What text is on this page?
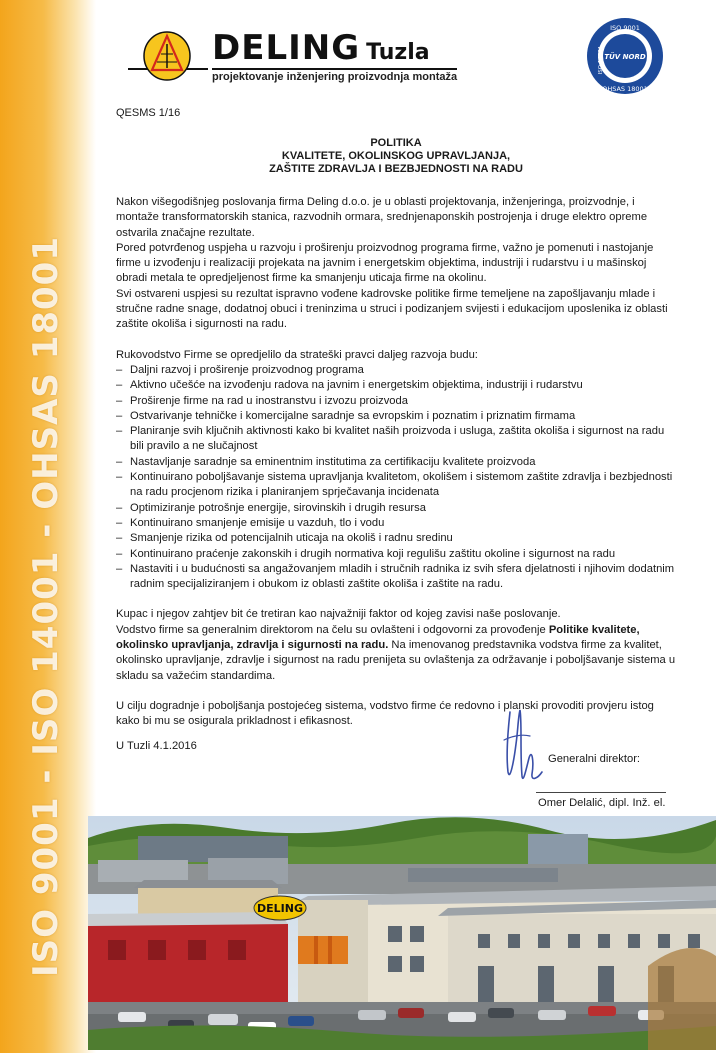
ISO 9001 - ISO 14001 - OHSAS 18001
DELING Tuzla
projektovanje inženjering proizvodnja montaža
ISO 9001
TÜV NORD
OHSAS 18001
ISO 14001
QESMS 1/16
POLITIKA
KVALITETE, OKOLINSKOG UPRAVLJANJA,
ZAŠTITE ZDRAVLJA I BEZBJEDNOSTI NA RADU

Nakon višegodišnjeg poslovanja firma Deling d.o.o. je u oblasti projektovanja, inženjeringa, proizvodnje, i montaže transformatorskih stanica, razvodnih ormara, srednjenaponskih postrojenja i druge elektro opreme ostvarila značajne rezultate.

Pored potvrđenog uspjeha u razvoju i proširenju proizvodnog programa firme, važno je pomenuti i nastojanje firme u izvođenju i realizaciji projekata na javnim i energetskim objektima, industriji i rudarstvu i u mašinskoj obradi metala te opredjeljenost firme ka smanjenju uticaja firme na okolinu.

Svi ostvareni uspjesi su rezultat ispravno vođene kadrovske politike firme temeljene na zapošljavanju mlade i stručne radne snage, dodatnoj obuci i treninzima u struci i podizanjem svijesti i edukacijom uposlenika iz oblasti zaštite okoliša i sigurnosti na radu.

Rukovodstvo Firme se opredjelilo da strateški pravci daljeg razvoja budu:

– Daljni razvoj i proširenje proizvodnog programa
– Aktivno učešće na izvođenju radova na javnim i energetskim objektima, industriji i rudarstvu
– Proširenje firme na rad u inostranstvu i izvozu proizvoda
– Ostvarivanje tehničke i komercijalne saradnje sa evropskim i poznatim i priznatim firmama
– Planiranje svih ključnih aktivnosti kako bi kvalitet naših proizvoda i usluga, zaštita okoliša i sigurnost na radu bili pravilo a ne slučajnost
– Nastavljanje saradnje sa eminentnim institutima za certifikaciju kvalitete proizvoda
– Kontinuirano poboljšavanje sistema upravljanja kvalitetom, okolišem i sistemom zaštite zdravlja i bezbjednosti na radu procjenom rizika i planiranjem sprječavanja incidenata
– Optimiziranje potrošnje energije, sirovinskih i drugih resursa
– Kontinuirano smanjenje emisije u vazduh, tlo i vodu
– Smanjenje rizika od potencijalnih uticaja na okoliš i radnu sredinu
– Kontinuirano praćenje zakonskih i drugih normativa koji regulišu zaštitu okoline i sigurnost na radu
– Nastaviti i u budućnosti sa angažovanjem mladih i stručnih radnika iz svih sfera djelatnosti i njihovim dodatnim radnim specijaliziranjem i obukom iz oblasti zaštite okoliša i zaštite na radu.

Kupac i njegov zahtjev bit će tretiran kao najvažniji faktor od kojeg zavisi naše poslovanje.

Vodstvo firme sa generalnim direktorom na čelu su ovlašteni i odgovorni za provođenje Politike kvalitete, okolinsko upravljanja, zdravlja i sigurnosti na radu. Na imenovanog predstavnika vodstva firme za kvalitet, okolinsko upravljanje, zdravlje i sigurnost na radu prenijeta su ovlaštenja za održavanje i poboljšavanje sistema u skladu sa važećim standardima.

U cilju dogradnje i poboljšanja postojećeg sistema, vodstvo firme će redovno i planski provoditi provjeru istog kako bi mu se osigurala prikladnost i efikasnost.

U Tuzli 4.1.2016
Generalni direktor:
Omer Delalić, dipl. Inž. el.
DELING
